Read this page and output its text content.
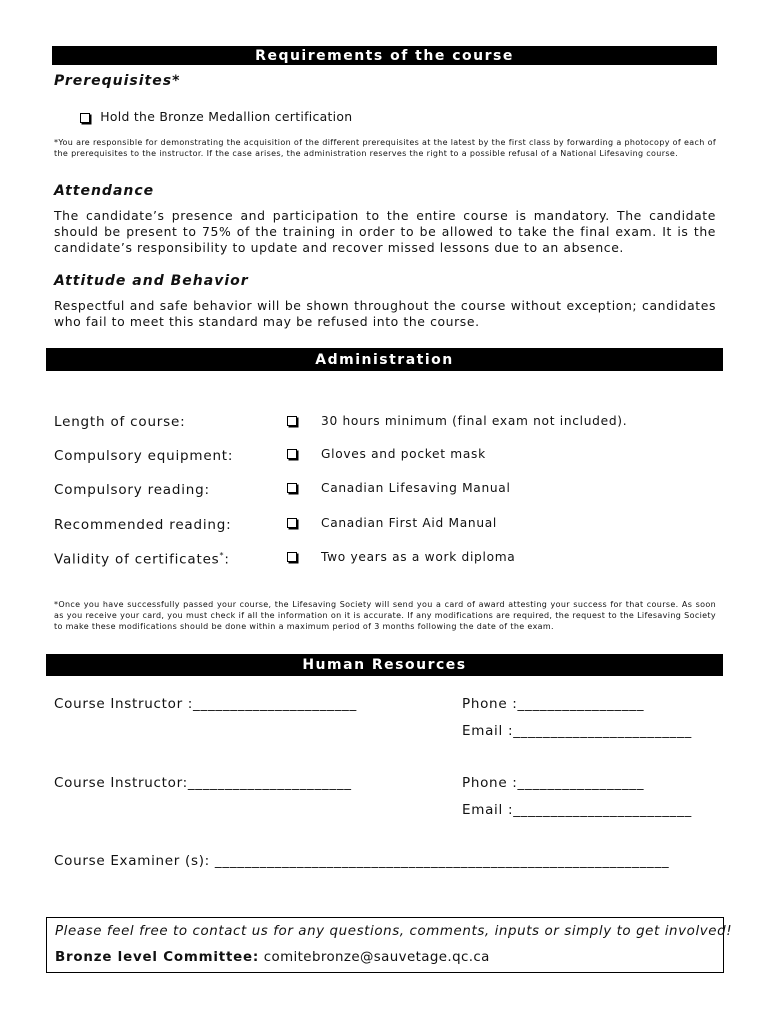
Requirements of the course
Prerequisites*
Hold the Bronze Medallion certification
*You are responsible for demonstrating the acquisition of the different prerequisites at the latest by the first class by forwarding a photocopy of each of the prerequisites to the instructor. If the case arises, the administration reserves the right to a possible refusal of a National Lifesaving course.
Attendance
The candidate’s presence and participation to the entire course is mandatory. The candidate should be present to 75% of the training in order to be allowed to take the final exam. It is the candidate’s responsibility to update and recover missed lessons due to an absence.
Attitude and Behavior
Respectful and safe behavior will be shown throughout the course without exception; candidates who fail to meet this standard may be refused into the course.
Administration
Length of course:	30 hours minimum (final exam not included).
Compulsory equipment:	Gloves and pocket mask
Compulsory reading:	Canadian Lifesaving Manual
Recommended reading:	Canadian First Aid Manual
Validity of certificates*:	Two years as a work diploma
*Once you have successfully passed your course, the Lifesaving Society will send you a card of award attesting your success for that course. As soon as you receive your card, you must check if all the information on it is accurate. If any modifications are required, the request to the Lifesaving Society to make these modifications should be done within a maximum period of 3 months following the date of the exam.
Human Resources
Course Instructor :______________________	Phone :_________________
Email :________________________
Course Instructor:______________________	Phone :_________________
Email :________________________
Course Examiner (s): _____________________________________________________________
Please feel free to contact us for any questions, comments, inputs or simply to get involved!
Bronze level Committee: comitebronze@sauvetage.qc.ca
